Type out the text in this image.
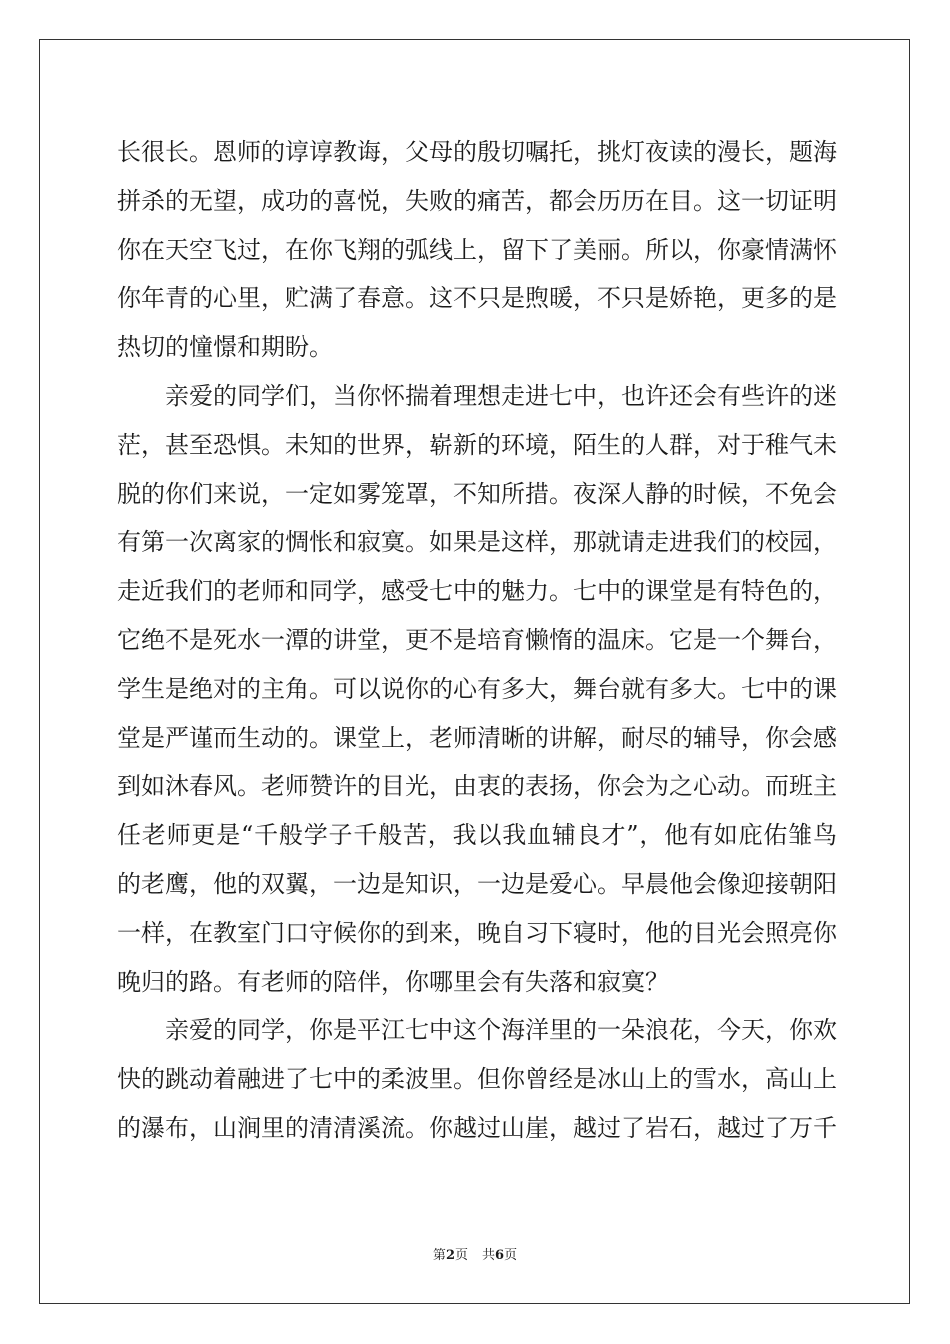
长很长。恩师的谆谆教诲，父母的殷切嘱托，挑灯夜读的漫长，题海拼杀的无望，成功的喜悦，失败的痛苦，都会历历在目。这一切证明你在天空飞过，在你飞翔的弧线上，留下了美丽。所以，你豪情满怀你年青的心里，贮满了春意。这不只是煦暖，不只是娇艳，更多的是热切的憧憬和期盼。

亲爱的同学们，当你怀揣着理想走进七中，也许还会有些许的迷茫，甚至恐惧。未知的世界，崭新的环境，陌生的人群，对于稚气未脱的你们来说，一定如雾笼罩，不知所措。夜深人静的时候，不免会有第一次离家的惆怅和寂寞。如果是这样，那就请走进我们的校园，走近我们的老师和同学，感受七中的魅力。七中的课堂是有特色的，它绝不是死水一潭的讲堂，更不是培育懒惰的温床。它是一个舞台，学生是绝对的主角。可以说你的心有多大，舞台就有多大。七中的课堂是严谨而生动的。课堂上，老师清晰的讲解，耐尽的辅导，你会感到如沐春风。老师赞许的目光，由衷的表扬，你会为之心动。而班主任老师更是“千般学子千般苦，我以我血辅良才”，他有如庇佑雏鸟的老鹰，他的双翼，一边是知识，一边是爱心。早晨他会像迎接朝阳一样，在教室门口守候你的到来，晚自习下寝时，他的目光会照亮你晚归的路。有老师的陪伴，你哪里会有失落和寂寞？

亲爱的同学，你是平江七中这个海洋里的一朵浪花，今天，你欢快的跳动着融进了七中的柔波里。但你曾经是冰山上的雪水，高山上的瀑布，山涧里的清清溪流。你越过山崖，越过了岩石，越过了万千

第2页 共6页
